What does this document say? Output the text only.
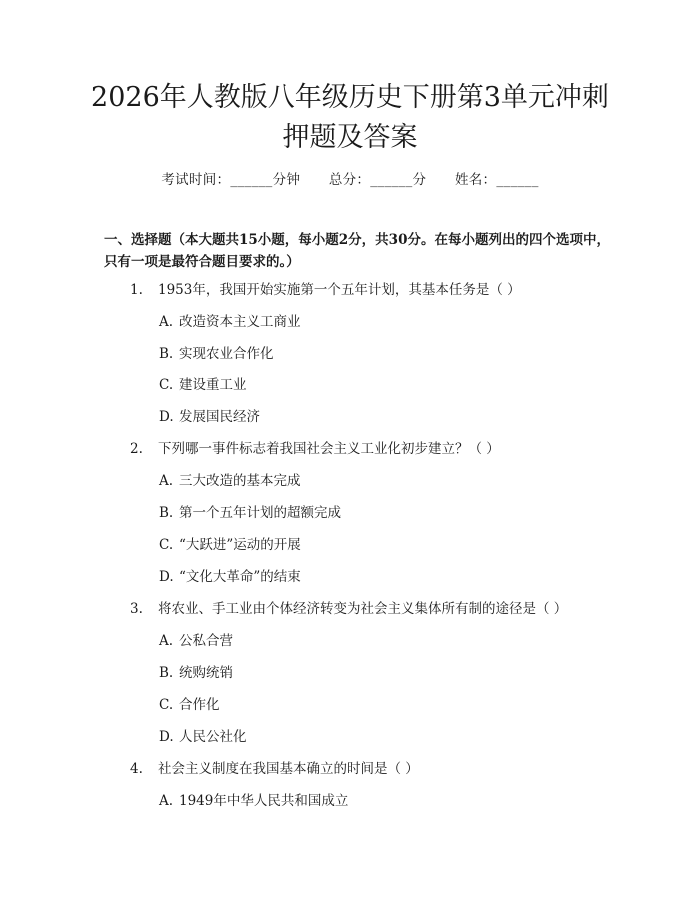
2026年人教版八年级历史下册第3单元冲刺
押题及答案
考试时间：______分钟 总分：______分 姓名：______
一、选择题（本大题共15小题，每小题2分，共30分。在每小题列出的四个选项中，只有一项是最符合题目要求的。）
1. 1953年，我国开始实施第一个五年计划，其基本任务是（ ）
A. 改造资本主义工商业
B. 实现农业合作化
C. 建设重工业
D. 发展国民经济
2. 下列哪一事件标志着我国社会主义工业化初步建立？（ ）
A. 三大改造的基本完成
B. 第一个五年计划的超额完成
C. “大跃进”运动的开展
D. “文化大革命”的结束
3. 将农业、手工业由个体经济转变为社会主义集体所有制的途径是（ ）
A. 公私合营
B. 统购统销
C. 合作化
D. 人民公社化
4. 社会主义制度在我国基本确立的时间是（ ）
A. 1949年中华人民共和国成立
